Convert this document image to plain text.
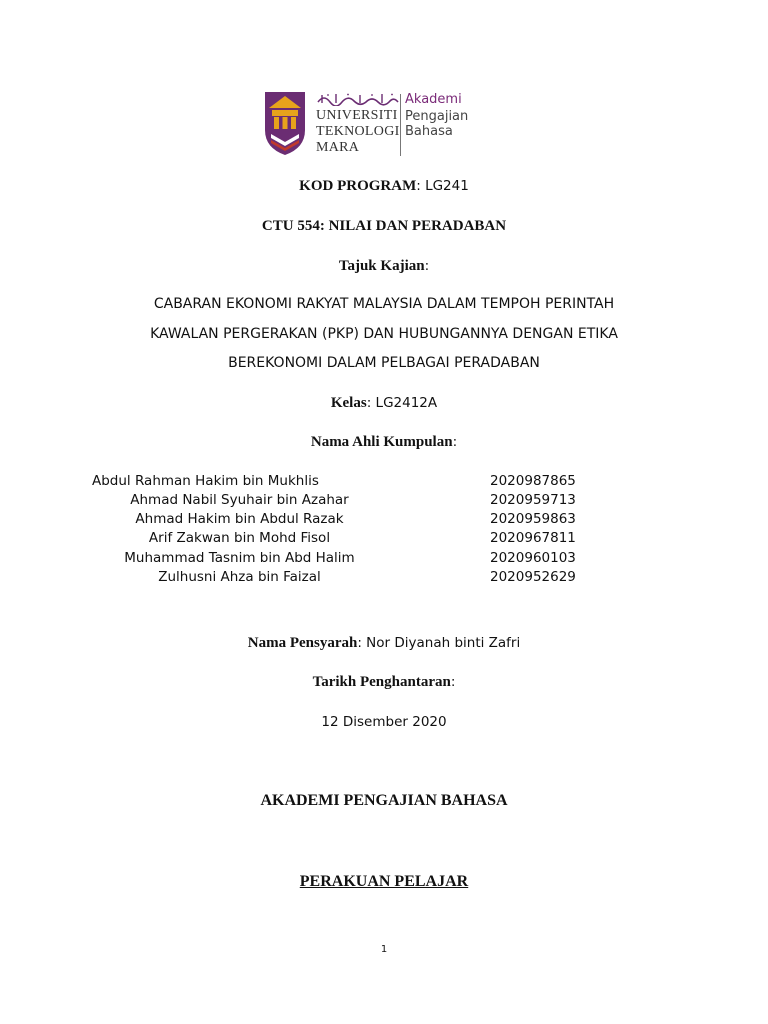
UNIVERSITI
TEKNOLOGI
MARA
Akademi
Pengajian Bahasa
KOD PROGRAM: LG241
CTU 554: NILAI DAN PERADABAN
Tajuk Kajian:
CABARAN EKONOMI RAKYAT MALAYSIA DALAM TEMPOH PERINTAH
KAWALAN PERGERAKAN (PKP) DAN HUBUNGANNYA DENGAN ETIKA
BEREKONOMI DALAM PELBAGAI PERADABAN
Kelas: LG2412A
Nama Ahli Kumpulan:
Abdul Rahman Hakim bin Mukhlis	2020987865
Ahmad Nabil Syuhair bin Azahar	2020959713
Ahmad Hakim bin Abdul Razak	2020959863
Arif Zakwan bin Mohd Fisol	2020967811
Muhammad Tasnim bin Abd Halim	2020960103
Zulhusni Ahza bin Faizal	2020952629
Nama Pensyarah: Nor Diyanah binti Zafri
Tarikh Penghantaran:
12 Disember 2020
AKADEMI PENGAJIAN BAHASA
PERAKUAN PELAJAR
1
